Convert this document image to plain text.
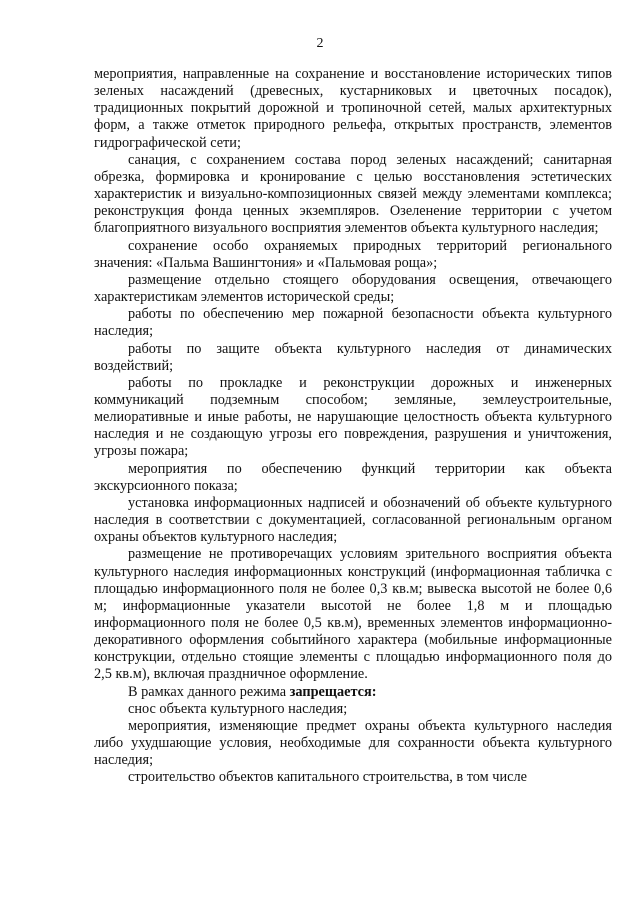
2

мероприятия, направленные на сохранение и восстановление исторических типов зеленых насаждений (древесных, кустарниковых и цветочных посадок), традиционных покрытий дорожной и тропиночной сетей, малых архитектурных форм, а также отметок природного рельефа, открытых пространств, элементов гидрографической сети;

санация, с сохранением состава пород зеленых насаждений; санитарная обрезка, формировка и кронирование с целью восстановления эстетических характеристик и визуально-композиционных связей между элементами комплекса; реконструкция фонда ценных экземпляров. Озеленение территории с учетом благоприятного визуального восприятия элементов объекта культурного наследия;

сохранение особо охраняемых природных территорий регионального значения: «Пальма Вашингтония» и «Пальмовая роща»;

размещение отдельно стоящего оборудования освещения, отвечающего характеристикам элементов исторической среды;

работы по обеспечению мер пожарной безопасности объекта культурного наследия;

работы по защите объекта культурного наследия от динамических воздействий;

работы по прокладке и реконструкции дорожных и инженерных коммуникаций подземным способом; земляные, землеустроительные, мелиоративные и иные работы, не нарушающие целостность объекта культурного наследия и не создающую угрозы его повреждения, разрушения и уничтожения, угрозы пожара;

мероприятия по обеспечению функций территории как объекта экскурсионного показа;

установка информационных надписей и обозначений об объекте культурного наследия в соответствии с документацией, согласованной региональным органом охраны объектов культурного наследия;

размещение не противоречащих условиям зрительного восприятия объекта культурного наследия информационных конструкций (информационная табличка с площадью информационного поля не более 0,3 кв.м; вывеска высотой не более 0,6 м; информационные указатели высотой не более 1,8 м и площадью информационного поля не более 0,5 кв.м), временных элементов информационно-декоративного оформления событийного характера (мобильные информационные конструкции, отдельно стоящие элементы с площадью информационного поля до 2,5 кв.м), включая праздничное оформление.

В рамках данного режима запрещается:

снос объекта культурного наследия;

мероприятия, изменяющие предмет охраны объекта культурного наследия либо ухудшающие условия, необходимые для сохранности объекта культурного наследия;

строительство объектов капитального строительства, в том числе
